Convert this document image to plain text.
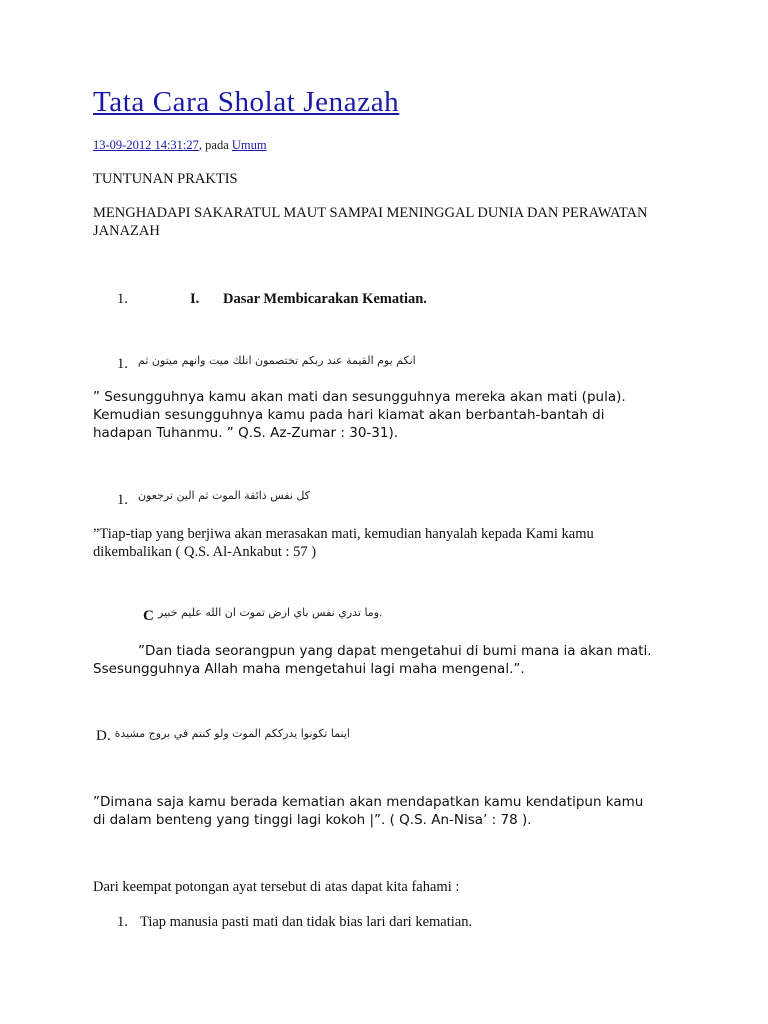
Tata Cara Sholat Jenazah
13-09-2012 14:31:27, pada Umum
TUNTUNAN PRAKTIS
MENGHADAPI SAKARATUL MAUT SAMPAI MENINGGAL DUNIA DAN PERAWATAN JANAZAH
1.	I. Dasar Membicarakan Kematian.
1. انكم يوم القيمة عند ربكم تختصمون انلك ميت وانهم ميتون ثم
” Sesungguhnya kamu akan mati dan sesungguhnya mereka akan mati (pula). Kemudian sesungguhnya kamu pada hari kiamat akan berbantah-bantah di hadapan Tuhanmu. ” Q.S. Az-Zumar : 30-31).
1. كل نفس ذائقة الموت ثم الين ترجعون
”Tiap-tiap yang berjiwa akan merasakan mati, kemudian hanyalah kepada Kami kamu dikembalikan ( Q.S. Al-Ankabut : 57 )
C .وما تدري نفس باي ارض تموت ان الله عليم خبير
”Dan tiada seorangpun yang dapat mengetahui di bumi mana ia akan mati. Ssesungguhnya Allah maha mengetahui lagi maha mengenal.”.
D. اينما تكونوا يدرككم الموت ولو كنتم في بروج مشيدة
”Dimana saja kamu berada kematian akan mendapatkan kamu kendatipun kamu di dalam benteng yang tinggi lagi kokoh |”. ( Q.S. An-Nisa’ : 78 ).
Dari keempat potongan ayat tersebut di atas dapat kita fahami :
1. Tiap manusia pasti mati dan tidak bias lari dari kematian.
